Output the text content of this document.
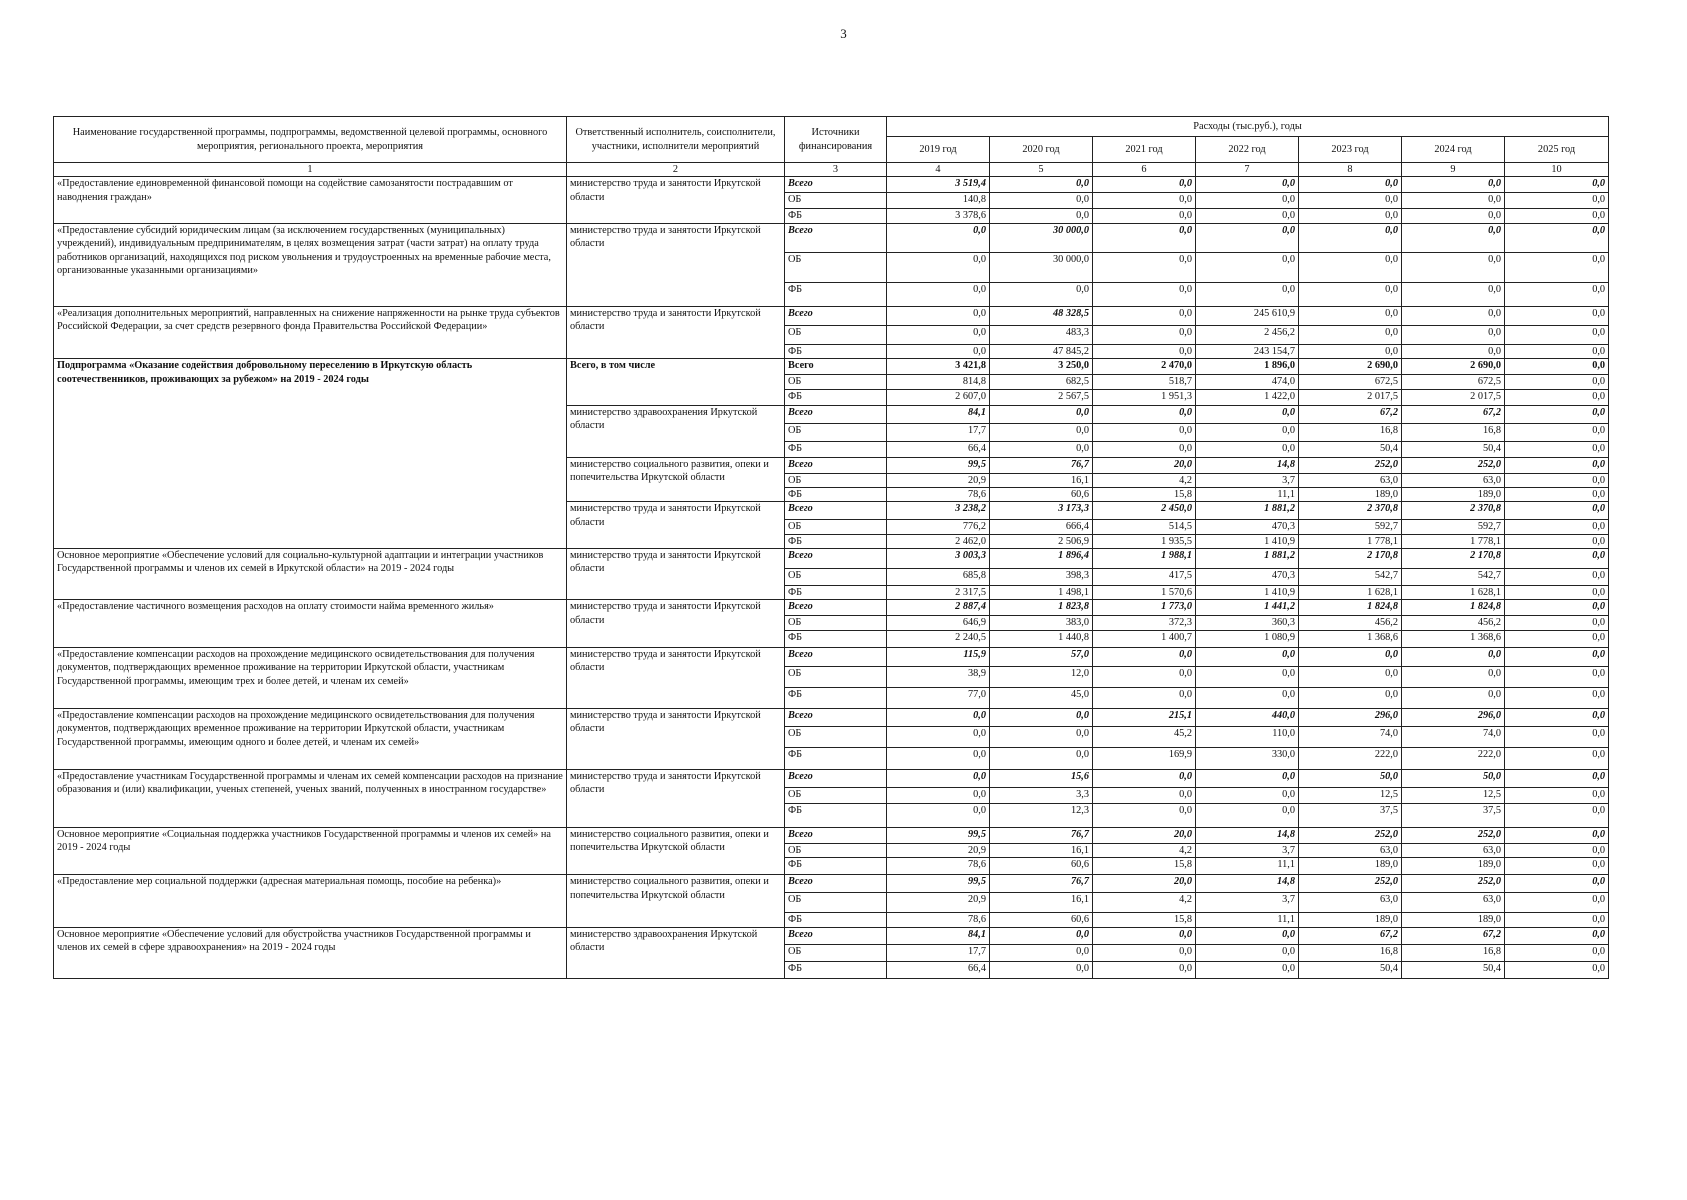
3
Наименование государственной программы, подпрограммы, ведомственной целевой программы, основного мероприятия, регионального проекта, мероприятия	Ответственный исполнитель, соисполнители, участники, исполнители мероприятий	Источники финансирования	Расходы (тыс.руб.), годы						
			2019 год	2020 год	2021 год	2022 год	2023 год	2024 год	2025 год
1	2	3	4	5	6	7	8	9	10
«Предоставление единовременной финансовой помощи на содействие самозанятости пострадавшим от наводнения граждан»	министерство труда и занятости Иркутской области	Всего	3 519,4	0,0	0,0	0,0	0,0	0,0	0,0
		ОБ	140,8	0,0	0,0	0,0	0,0	0,0	0,0
		ФБ	3 378,6	0,0	0,0	0,0	0,0	0,0	0,0
«Предоставление субсидий юридическим лицам (за исключением государственных (муниципальных) учреждений), индивидуальным предпринимателям, в целях возмещения затрат (части затрат) на оплату труда работников организаций, находящихся под риском увольнения и трудоустроенных на временные рабочие места, организованные указанными организациями»	министерство труда и занятости Иркутской области	Всего	0,0	30 000,0	0,0	0,0	0,0	0,0	0,0
		ОБ	0,0	30 000,0	0,0	0,0	0,0	0,0	0,0
		ФБ	0,0	0,0	0,0	0,0	0,0	0,0	0,0
«Реализация дополнительных мероприятий, направленных на снижение напряженности на рынке труда субъектов Российской Федерации, за счет средств резервного фонда Правительства Российской Федерации»	министерство труда и занятости Иркутской области	Всего	0,0	48 328,5	0,0	245 610,9	0,0	0,0	0,0
		ОБ	0,0	483,3	0,0	2 456,2	0,0	0,0	0,0
		ФБ	0,0	47 845,2	0,0	243 154,7	0,0	0,0	0,0
Подпрограмма «Оказание содействия добровольному переселению в Иркутскую область соотечественников, проживающих за рубежом» на 2019 - 2024 годы	Всего, в том числе	Всего	3 421,8	3 250,0	2 470,0	1 896,0	2 690,0	2 690,0	0,0
		ОБ	814,8	682,5	518,7	474,0	672,5	672,5	0,0
		ФБ	2 607,0	2 567,5	1 951,3	1 422,0	2 017,5	2 017,5	0,0
	министерство здравоохранения Иркутской области	Всего	84,1	0,0	0,0	0,0	67,2	67,2	0,0
		ОБ	17,7	0,0	0,0	0,0	16,8	16,8	0,0
		ФБ	66,4	0,0	0,0	0,0	50,4	50,4	0,0
	министерство социального развития, опеки и попечительства Иркутской области	Всего	99,5	76,7	20,0	14,8	252,0	252,0	0,0
		ОБ	20,9	16,1	4,2	3,7	63,0	63,0	0,0
		ФБ	78,6	60,6	15,8	11,1	189,0	189,0	0,0
	министерство труда и занятости Иркутской области	Всего	3 238,2	3 173,3	2 450,0	1 881,2	2 370,8	2 370,8	0,0
		ОБ	776,2	666,4	514,5	470,3	592,7	592,7	0,0
		ФБ	2 462,0	2 506,9	1 935,5	1 410,9	1 778,1	1 778,1	0,0
Основное мероприятие «Обеспечение условий для социально-культурной адаптации и интеграции участников Государственной программы и членов их семей в Иркутской области» на 2019 - 2024 годы	министерство труда и занятости Иркутской области	Всего	3 003,3	1 896,4	1 988,1	1 881,2	2 170,8	2 170,8	0,0
		ОБ	685,8	398,3	417,5	470,3	542,7	542,7	0,0
		ФБ	2 317,5	1 498,1	1 570,6	1 410,9	1 628,1	1 628,1	0,0
«Предоставление частичного возмещения расходов на оплату стоимости найма временного жилья»	министерство труда и занятости Иркутской области	Всего	2 887,4	1 823,8	1 773,0	1 441,2	1 824,8	1 824,8	0,0
		ОБ	646,9	383,0	372,3	360,3	456,2	456,2	0,0
		ФБ	2 240,5	1 440,8	1 400,7	1 080,9	1 368,6	1 368,6	0,0
«Предоставление компенсации расходов на прохождение медицинского освидетельствования для получения документов, подтверждающих временное проживание на территории Иркутской области, участникам Государственной программы, имеющим трех и более детей, и членам их семей»	министерство труда и занятости Иркутской области	Всего	115,9	57,0	0,0	0,0	0,0	0,0	0,0
		ОБ	38,9	12,0	0,0	0,0	0,0	0,0	0,0
		ФБ	77,0	45,0	0,0	0,0	0,0	0,0	0,0
«Предоставление компенсации расходов на прохождение медицинского освидетельствования для получения документов, подтверждающих временное проживание на территории Иркутской области, участникам Государственной программы, имеющим одного и более детей, и членам их семей»	министерство труда и занятости Иркутской области	Всего	0,0	0,0	215,1	440,0	296,0	296,0	0,0
		ОБ	0,0	0,0	45,2	110,0	74,0	74,0	0,0
		ФБ	0,0	0,0	169,9	330,0	222,0	222,0	0,0
«Предоставление участникам Государственной программы и членам их семей компенсации расходов на признание образования и (или) квалификации, ученых степеней, ученых званий, полученных в иностранном государстве»	министерство труда и занятости Иркутской области	Всего	0,0	15,6	0,0	0,0	50,0	50,0	0,0
		ОБ	0,0	3,3	0,0	0,0	12,5	12,5	0,0
		ФБ	0,0	12,3	0,0	0,0	37,5	37,5	0,0
Основное мероприятие «Социальная поддержка участников Государственной программы и членов их семей» на 2019 - 2024 годы	министерство социального развития, опеки и попечительства Иркутской области	Всего	99,5	76,7	20,0	14,8	252,0	252,0	0,0
		ОБ	20,9	16,1	4,2	3,7	63,0	63,0	0,0
		ФБ	78,6	60,6	15,8	11,1	189,0	189,0	0,0
«Предоставление мер социальной поддержки (адресная материальная помощь, пособие на ребенка)»	министерство социального развития, опеки и попечительства Иркутской области	Всего	99,5	76,7	20,0	14,8	252,0	252,0	0,0
		ОБ	20,9	16,1	4,2	3,7	63,0	63,0	0,0
		ФБ	78,6	60,6	15,8	11,1	189,0	189,0	0,0
Основное мероприятие «Обеспечение условий для обустройства участников Государственной программы и членов их семей в сфере здравоохранения» на 2019 - 2024 годы	министерство здравоохранения Иркутской области	Всего	84,1	0,0	0,0	0,0	67,2	67,2	0,0
		ОБ	17,7	0,0	0,0	0,0	16,8	16,8	0,0
		ФБ	66,4	0,0	0,0	0,0	50,4	50,4	0,0
